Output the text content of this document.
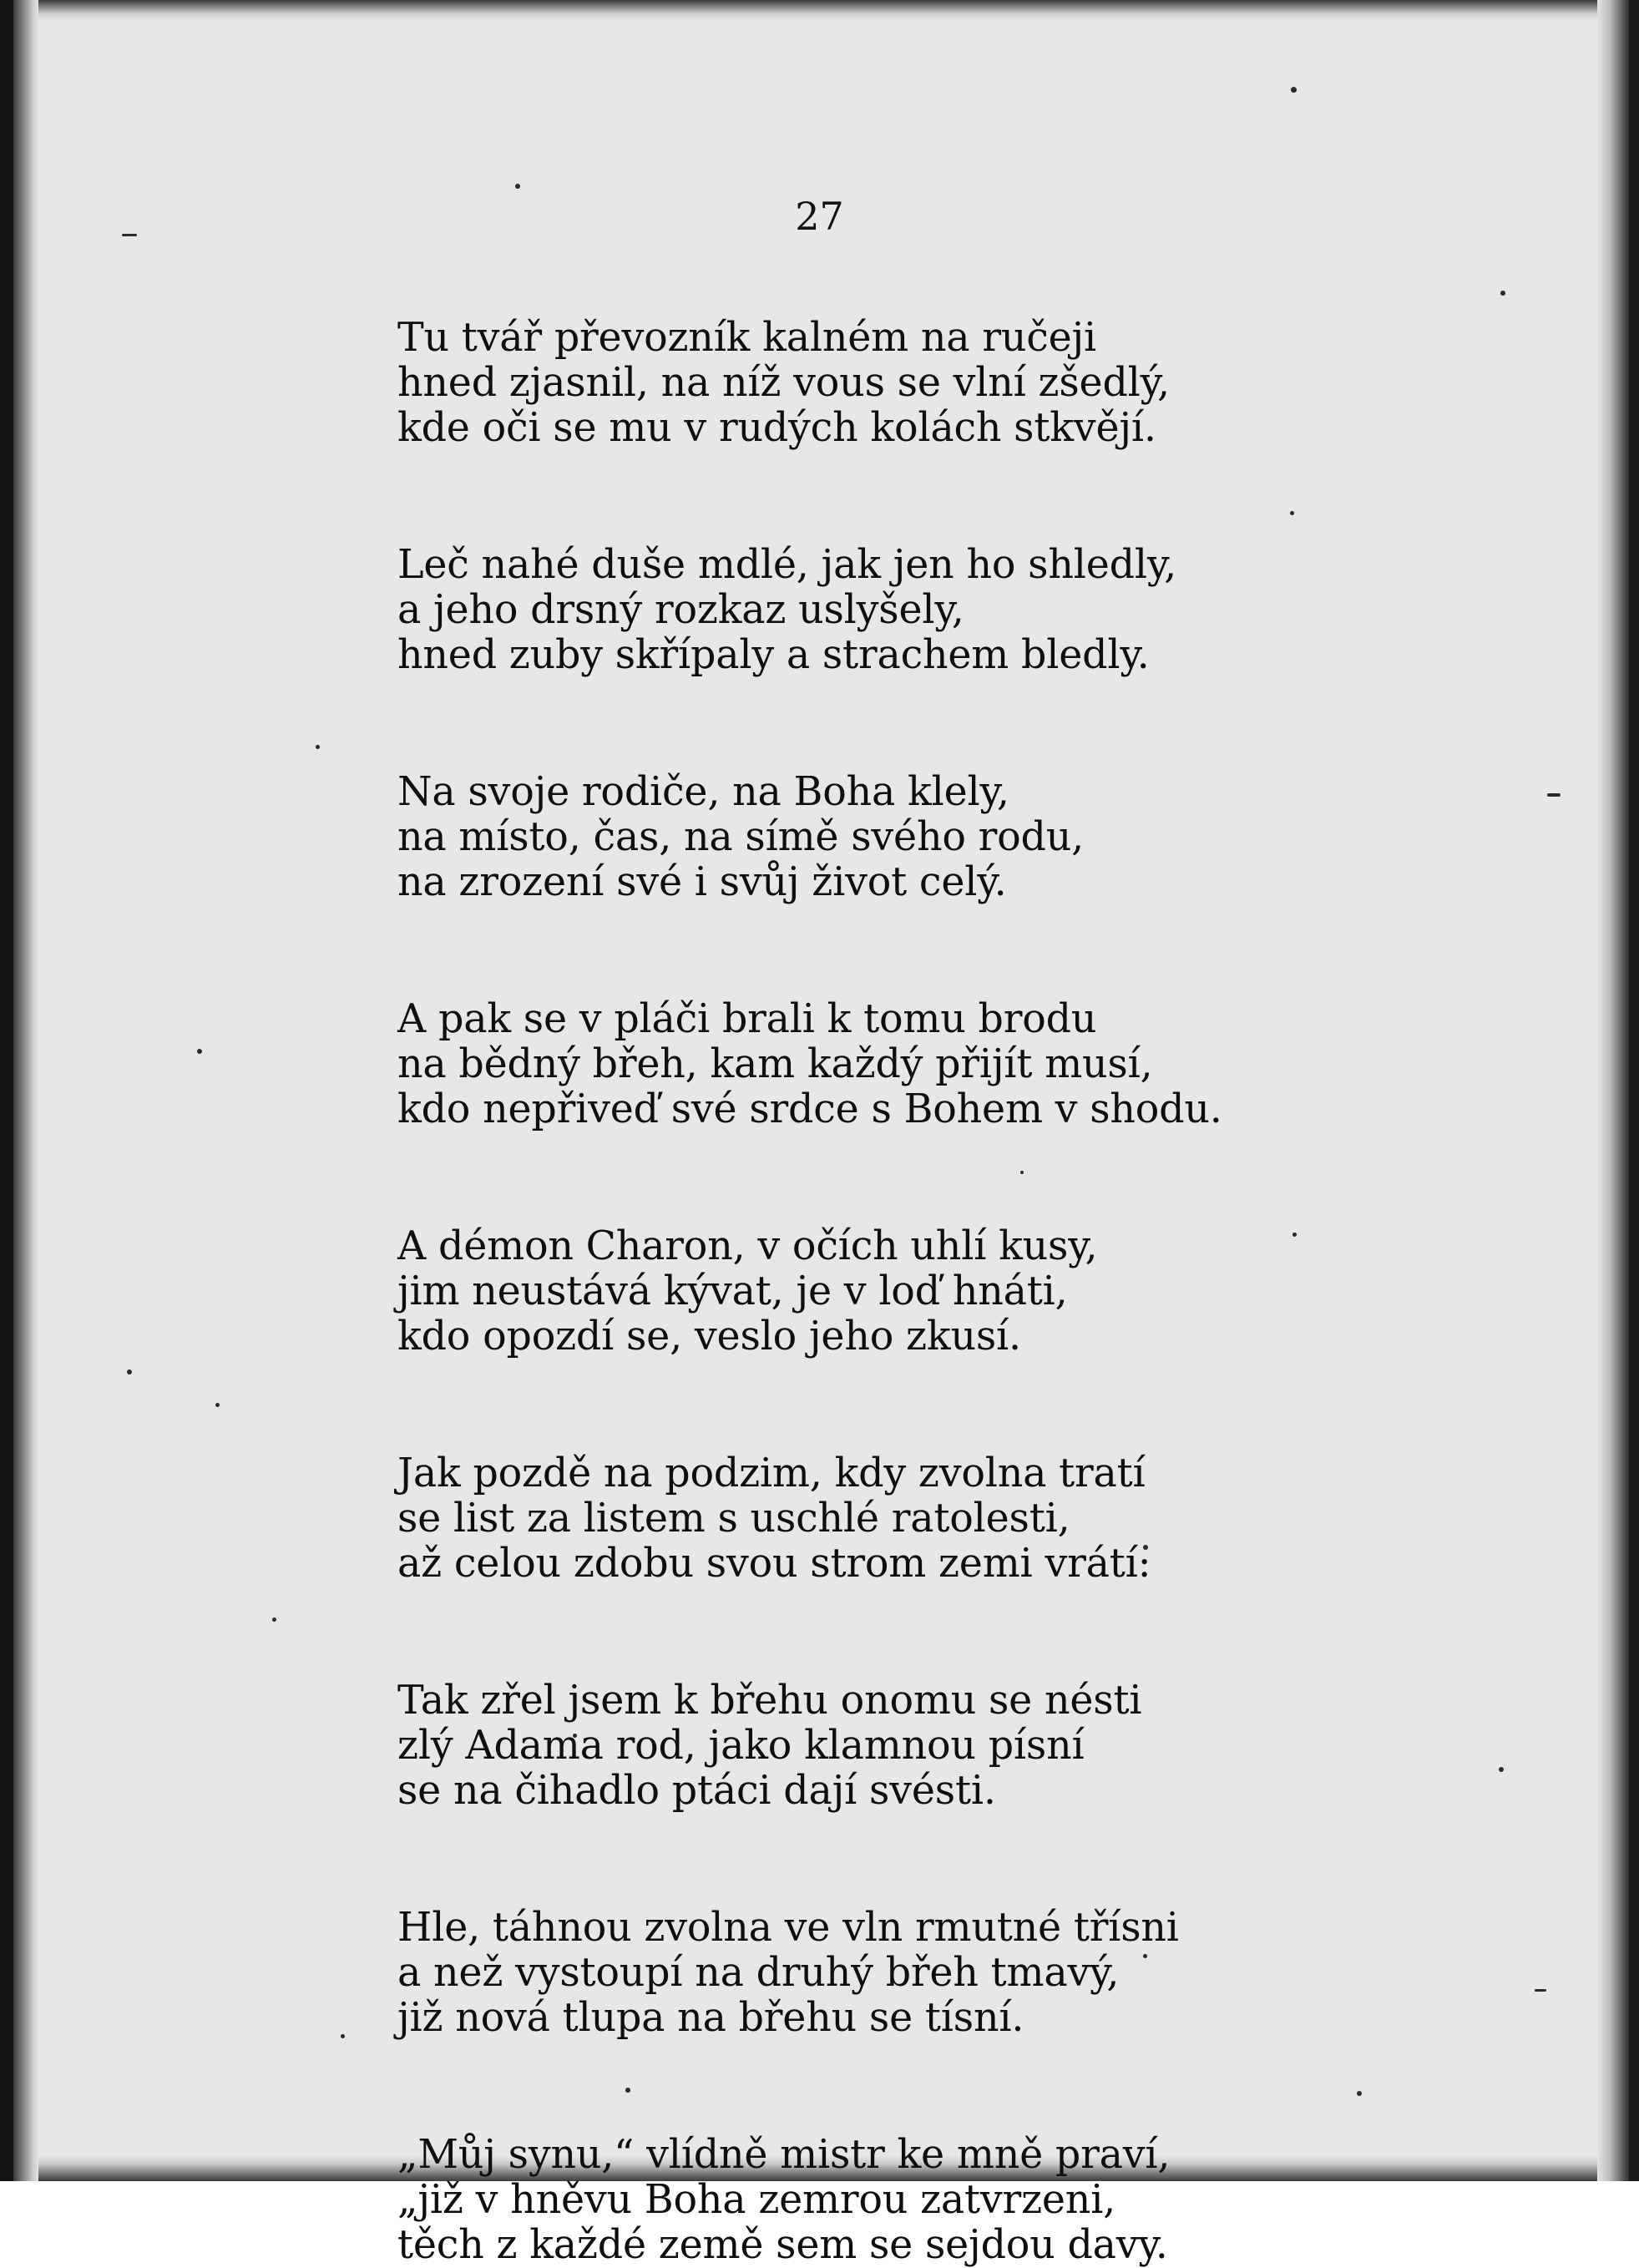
27
Tu tvář převozník kalném na ručeji
hned zjasnil, na níž vous se vlní zšedlý,
kde oči se mu v rudých kolách stkvějí.
Leč nahé duše mdlé, jak jen ho shledly,
a jeho drsný rozkaz uslyšely,
hned zuby skřípaly a strachem bledly.
Na svoje rodiče, na Boha klely,
na místo, čas, na símě svého rodu,
na zrození své i svůj život celý.
A pak se v pláči brali k tomu brodu
na bědný břeh, kam každý přijít musí,
kdo nepřiveď své srdce s Bohem v shodu.
A démon Charon, v očích uhlí kusy,
jim neustává kývat, je v loď hnáti,
kdo opozdí se, veslo jeho zkusí.
Jak pozdě na podzim, kdy zvolna tratí
se list za listem s uschlé ratolesti,
až celou zdobu svou strom zemi vrátí:
Tak zřel jsem k břehu onomu se nésti
zlý Adama rod, jako klamnou písní
se na čihadlo ptáci dají svésti.
Hle, táhnou zvolna ve vln rmutné třísni
a než vystoupí na druhý břeh tmavý,
již nová tlupa na břehu se tísní.
„Můj synu,“ vlídně mistr ke mně praví,
„již v hněvu Boha zemrou zatvrzeni,
těch z každé země sem se sejdou davy.
